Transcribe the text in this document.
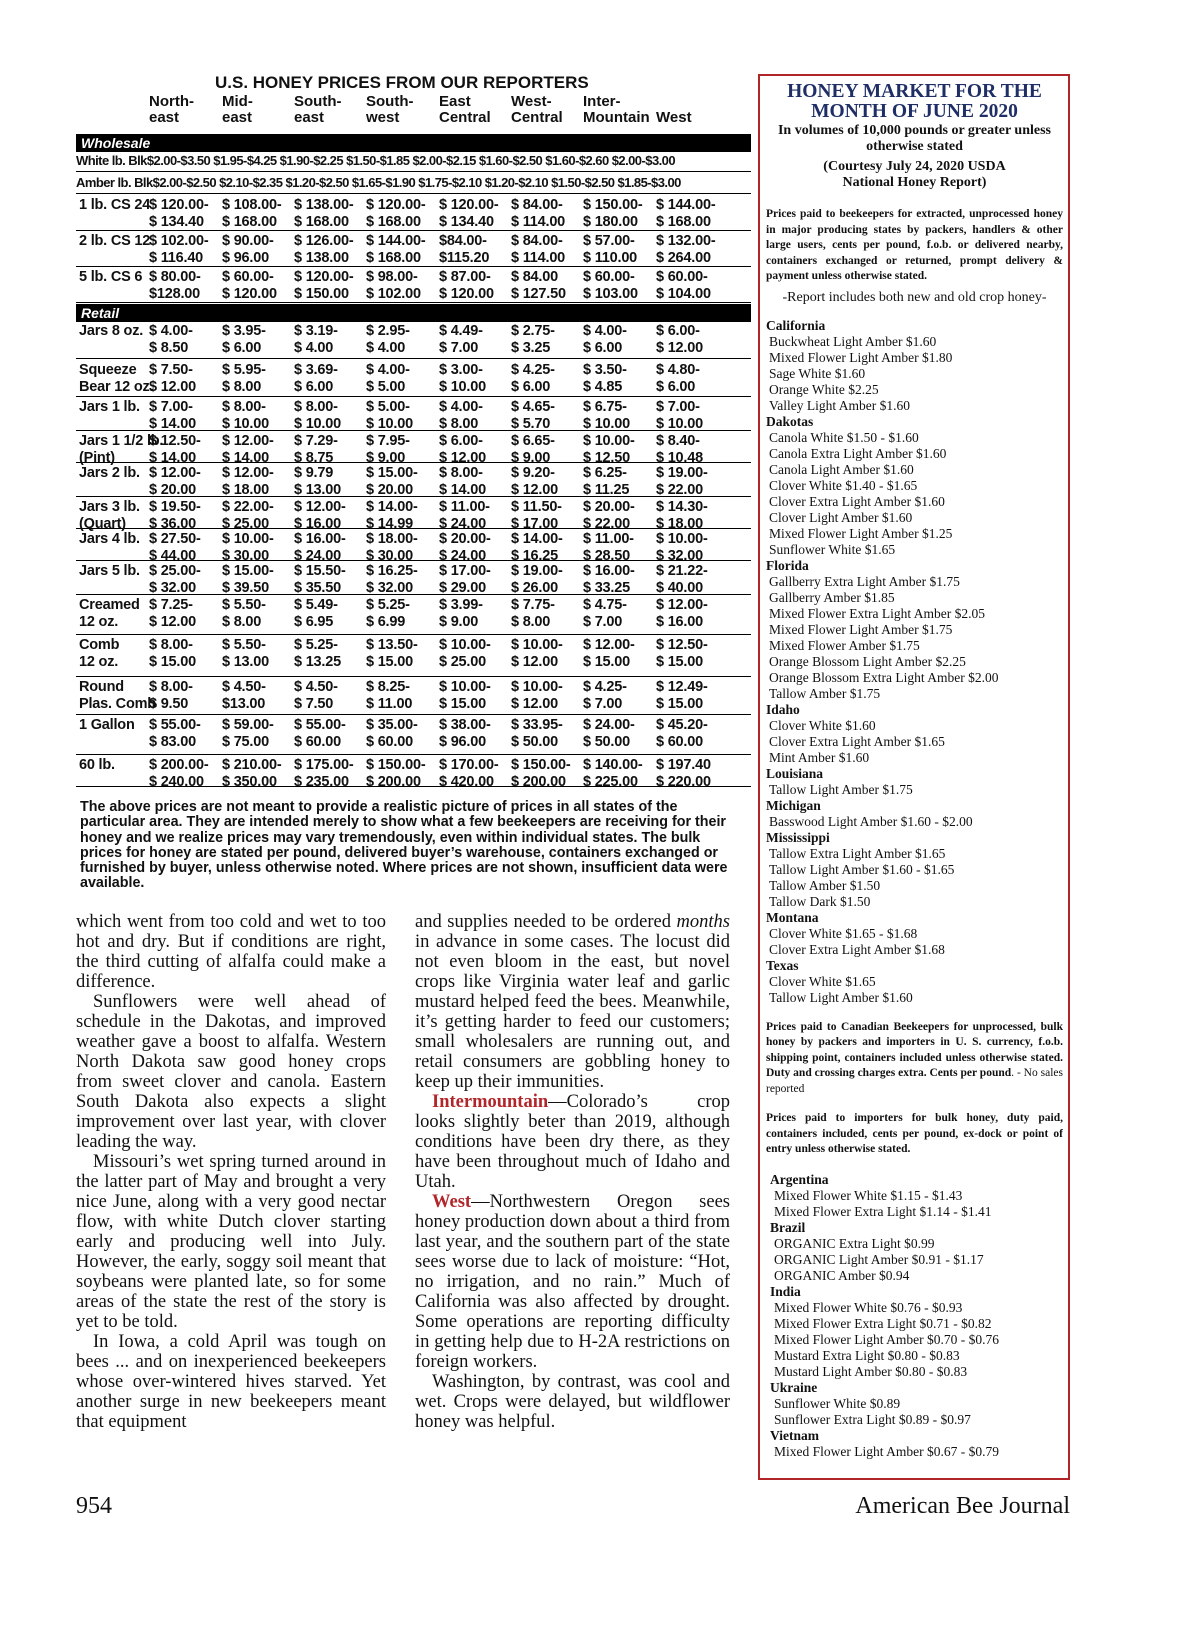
U.S. HONEY PRICES FROM OUR REPORTERS
North-
east
Mid-
east
South-
east
South-
west
East
Central
West-
Central
Inter-
Mountain West
Wholesale
White lb. Blk$2.00-$3.50 $1.95-$4.25 $1.90-$2.25 $1.50-$1.85 $2.00-$2.15 $1.60-$2.50 $1.60-$2.60 $2.00-$3.00
Amber lb. Blk$2.00-$2.50 $2.10-$2.35 $1.20-$2.50 $1.65-$1.90 $1.75-$2.10 $1.20-$2.10 $1.50-$2.50 $1.85-$3.00
Retail
1 lb. CS 24
$ 120.00-
$ 134.40
$ 108.00-
$ 168.00
$ 138.00-
$ 168.00
$ 120.00-
$ 168.00
$ 120.00-
$ 134.40
$ 84.00-
$ 114.00
$ 150.00-
$ 180.00
$ 144.00-
$ 168.00
2 lb. CS 12
$ 102.00-
$ 116.40
$ 90.00-
$ 96.00
$ 126.00-
$ 138.00
$ 144.00-
$ 168.00
$84.00-
$115.20
$ 84.00-
$ 114.00
$ 57.00-
$ 110.00
$ 132.00-
$ 264.00
5 lb. CS 6 $ 80.00-
$128.00
$ 60.00-
$ 120.00
$ 120.00-
$ 150.00
$ 98.00-
$ 102.00
$ 87.00-
$ 120.00
$ 84.00
$ 127.50
$ 60.00-
$ 103.00
$ 60.00-
$ 104.00
Jars 8 oz. $ 4.00-
$ 8.50
$ 3.95-
$ 6.00
$ 3.19-
$ 4.00
$ 2.95-
$ 4.00
$ 4.49-
$ 7.00
$ 2.75-
$ 3.25
$ 4.00-
$ 6.00
$ 6.00-
$ 12.00
Squeeze
Bear 12 oz.
$ 7.50-
$ 12.00
$ 5.95-
$ 8.00
$ 3.69-
$ 6.00
$ 4.00-
$ 5.00
$ 3.00-
$ 10.00
$ 4.25-
$ 6.00
$ 3.50-
$ 4.85
$ 4.80-
$ 6.00
Jars 1 lb. $ 7.00-
$ 14.00
$ 8.00-
$ 10.00
$ 8.00-
$ 10.00
$ 5.00-
$ 10.00
$ 4.00-
$ 8.00
$ 4.65-
$ 5.70
$ 6.75-
$ 10.00
$ 7.00-
$ 10.00
Jars 1 1/2 lb.
(Pint)
$ 12.50-
$ 14.00
$ 12.00-
$ 14.00
$ 7.29-
$ 8.75
$ 7.95-
$ 9.00
$ 6.00-
$ 12.00
$ 6.65-
$ 9.00
$ 10.00-
$ 12.50
$ 8.40-
$ 10.48
Jars 2 lb. $ 12.00-
$ 20.00
$ 12.00-
$ 18.00
$ 9.79
$ 13.00
$ 15.00-
$ 20.00
$ 8.00-
$ 14.00
$ 9.20-
$ 12.00
$ 6.25-
$ 11.25
$ 19.00-
$ 22.00
Jars 3 lb.
(Quart)
$ 19.50-
$ 36.00
$ 22.00-
$ 25.00
$ 12.00-
$ 16.00
$ 14.00-
$ 14.99
$ 11.00-
$ 24.00
$ 11.50-
$ 17.00
$ 20.00-
$ 22.00
$ 14.30-
$ 18.00
Jars 4 lb. $ 27.50-
$ 44.00
$ 10.00-
$ 30.00
$ 16.00-
$ 24.00
$ 18.00-
$ 30.00
$ 20.00-
$ 24.00
$ 14.00-
$ 16.25
$ 11.00-
$ 28.50
$ 10.00-
$ 32.00
Jars 5 lb. $ 25.00-
$ 32.00
$ 15.00-
$ 39.50
$ 15.50-
$ 35.50
$ 16.25-
$ 32.00
$ 17.00-
$ 29.00
$ 19.00-
$ 26.00
$ 16.00-
$ 33.25
$ 21.22-
$ 40.00
Creamed
12 oz.
$ 7.25-
$ 12.00
$ 5.50-
$ 8.00
$ 5.49-
$ 6.95
$ 5.25-
$ 6.99
$ 3.99-
$ 9.00
$ 7.75-
$ 8.00
$ 4.75-
$ 7.00
$ 12.00-
$ 16.00
Comb
12 oz.
$ 8.00-
$ 15.00
$ 5.50-
$ 13.00
$ 5.25-
$ 13.25
$ 13.50-
$ 15.00
$ 10.00-
$ 25.00
$ 10.00-
$ 12.00
$ 12.00-
$ 15.00
$ 12.50-
$ 15.00
Round
Plas. Comb
$ 8.00-
$ 9.50
$ 4.50-
$13.00
$ 4.50-
$ 7.50
$ 8.25-
$ 11.00
$ 10.00-
$ 15.00
$ 10.00-
$ 12.00
$ 4.25-
$ 7.00
$ 12.49-
$ 15.00
1 Gallon $ 55.00-
$ 83.00
$ 59.00-
$ 75.00
$ 55.00-
$ 60.00
$ 35.00-
$ 60.00
$ 38.00-
$ 96.00
$ 33.95-
$ 50.00
$ 24.00-
$ 50.00
$ 45.20-
$ 60.00
60 lb. $ 200.00-
$ 240.00
$ 210.00-
$ 350.00
$ 175.00-
$ 235.00
$ 150.00-
$ 200.00
$ 170.00-
$ 420.00
$ 150.00-
$ 200.00
$ 140.00-
$ 225.00
$ 197.40
$ 220.00
The above prices are not meant to provide a realistic picture of prices in all states of the particular area. They are intended merely to show what a few beekeepers are receiving for their honey and we realize prices may vary tremendously, even within individual states. The bulk prices for honey are stated per pound, delivered buyer’s warehouse, containers exchanged or furnished by buyer, unless otherwise noted. Where prices are not shown, insufficient data were available.

which went from too cold and wet to too hot and dry. But if conditions are right, the third cutting of alfalfa could make a difference.

Sunflowers were well ahead of schedule in the Dakotas, and improved weather gave a boost to alfalfa. Western North Dakota saw good honey crops from sweet clover and canola. Eastern South Dakota also expects a slight improvement over last year, with clover leading the way.

Missouri’s wet spring turned around in the latter part of May and brought a very nice June, along with a very good nectar flow, with white Dutch clover starting early and producing well into July. However, the early, soggy soil meant that soybeans were planted late, so for some areas of the state the rest of the story is yet to be told.

In Iowa, a cold April was tough on bees ... and on inexperienced beekeepers whose over-wintered hives starved. Yet another surge in new beekeepers meant that equipment

and supplies needed to be ordered months in advance in some cases. The locust did not even bloom in the east, but novel crops like Virginia water leaf and garlic mustard helped feed the bees. Meanwhile, it’s getting harder to feed our customers; small wholesalers are running out, and retail consumers are gobbling honey to keep up their immunities.

Intermountain—Colorado’s crop looks slightly beter than 2019, although conditions have been dry there, as they have been throughout much of Idaho and Utah.

West—Northwestern Oregon sees honey production down about a third from last year, and the southern part of the state sees worse due to lack of moisture: “Hot, no irrigation, and no rain.” Much of California was also affected by drought. Some operations are reporting difficulty in getting help due to H-2A restrictions on foreign workers.

Washington, by contrast, was cool and wet. Crops were delayed, but wildflower honey was helpful.

954	American Bee Journal
HONEY MARKET FOR THE MONTH OF JUNE 2020
In volumes of 10,000 pounds or greater unless otherwise stated
(Courtesy July 24, 2020 USDA National Honey Report)
Prices paid to beekeepers for extracted, unprocessed honey in major producing states by packers, handlers & other large users, cents per pound, f.o.b. or delivered nearby, containers exchanged or returned, prompt delivery & payment unless otherwise stated.
-Report includes both new and old crop honey-
California
Buckwheat Light Amber $1.60
Mixed Flower Light Amber $1.80
Sage White $1.60
Orange White $2.25
Valley Light Amber $1.60
Dakotas
Canola White $1.50 - $1.60
Canola Extra Light Amber $1.60
Canola Light Amber $1.60
Clover White $1.40 - $1.65
Clover Extra Light Amber $1.60
Clover Light Amber $1.60
Mixed Flower Light Amber $1.25
Sunflower White $1.65
Florida
Gallberry Extra Light Amber $1.75
Gallberry Amber $1.85
Mixed Flower Extra Light Amber $2.05
Mixed Flower Light Amber $1.75
Mixed Flower Amber $1.75
Orange Blossom Light Amber $2.25
Orange Blossom Extra Light Amber $2.00
Tallow Amber $1.75
Idaho
Clover White $1.60
Clover Extra Light Amber $1.65
Mint Amber $1.60
Louisiana
Tallow Light Amber $1.75
Michigan
Basswood Light Amber $1.60 - $2.00
Mississippi
Tallow Extra Light Amber $1.65
Tallow Light Amber $1.60 - $1.65
Tallow Amber $1.50
Tallow Dark $1.50
Montana
Clover White $1.65 - $1.68
Clover Extra Light Amber $1.68
Texas
Clover White $1.65
Tallow Light Amber $1.60
Prices paid to Canadian Beekeepers for unprocessed, bulk honey by packers and importers in U. S. currency, f.o.b. shipping point, containers included unless otherwise stated. Duty and crossing charges extra. Cents per pound. - No sales reported
Prices paid to importers for bulk honey, duty paid, containers included, cents per pound, ex-dock or point of entry unless otherwise stated.
Argentina
Mixed Flower White $1.15 - $1.43
Mixed Flower Extra Light $1.14 - $1.41
Brazil
ORGANIC Extra Light $0.99
ORGANIC Light Amber $0.91 - $1.17
ORGANIC Amber $0.94
India
Mixed Flower White $0.76 - $0.93
Mixed Flower Extra Light $0.71 - $0.82
Mixed Flower Light Amber $0.70 - $0.76
Mustard Extra Light $0.80 - $0.83
Mustard Light Amber $0.80 - $0.83
Ukraine
Sunflower White $0.89
Sunflower Extra Light $0.89 - $0.97
Vietnam
Mixed Flower Light Amber $0.67 - $0.79
